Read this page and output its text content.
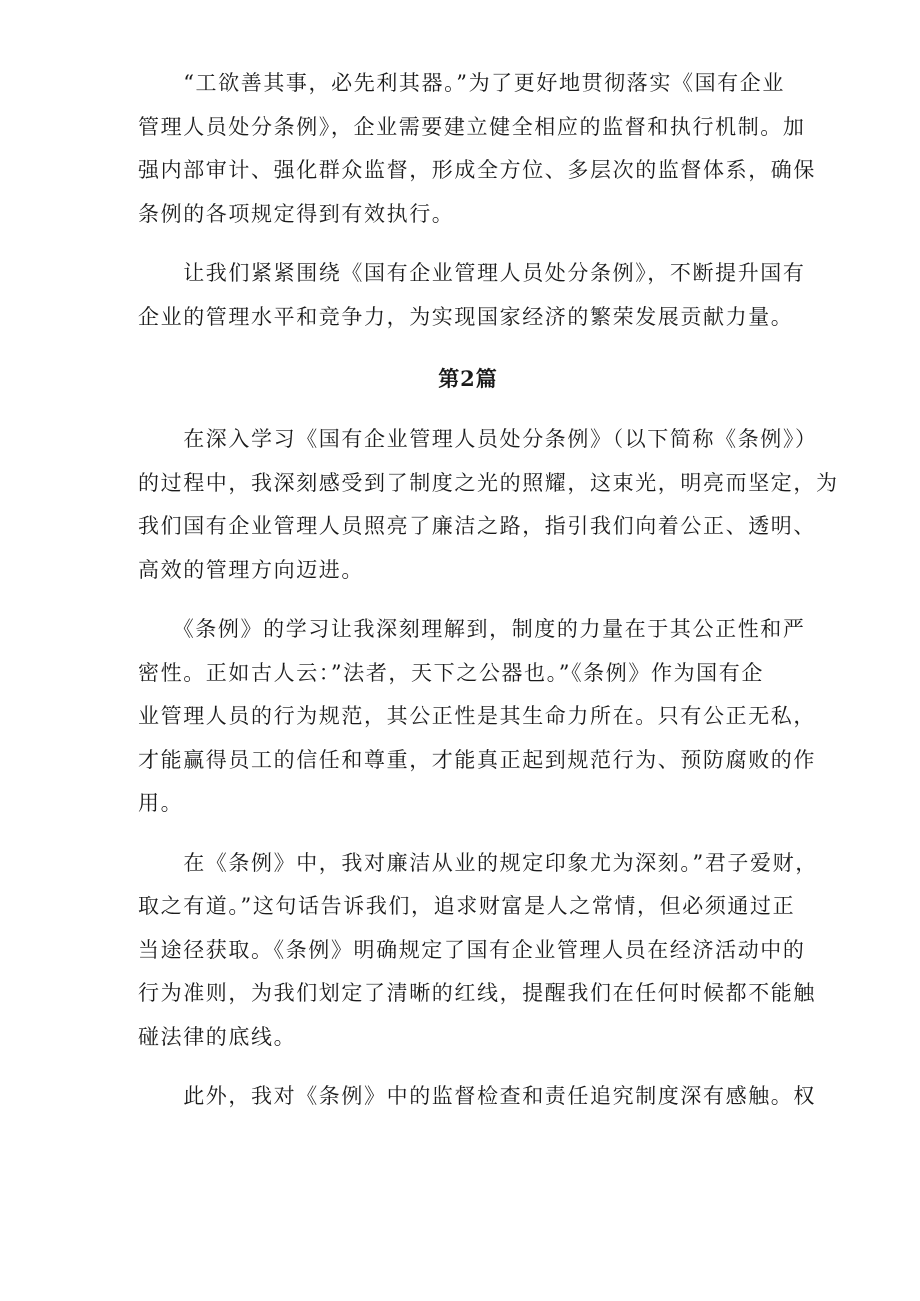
　　“工欲善其事，必先利其器。”为了更好地贯彻落实《国有企业
管理人员处分条例》，企业需要建立健全相应的监督和执行机制。加
强内部审计、强化群众监督，形成全方位、多层次的监督体系，确保
条例的各项规定得到有效执行。
　　让我们紧紧围绕《国有企业管理人员处分条例》，不断提升国有
企业的管理水平和竞争力，为实现国家经济的繁荣发展贡献力量。
第2篇
　　在深入学习《国有企业管理人员处分条例》（以下简称《条例》）
的过程中，我深刻感受到了制度之光的照耀，这束光，明亮而坚定，为
我们国有企业管理人员照亮了廉洁之路，指引我们向着公正、透明、
高效的管理方向迈进。
　　《条例》的学习让我深刻理解到，制度的力量在于其公正性和严
密性。正如古人云：”法者，天下之公器也。”《条例》作为国有企
业管理人员的行为规范，其公正性是其生命力所在。只有公正无私，
才能赢得员工的信任和尊重，才能真正起到规范行为、预防腐败的作
用。
　　在《条例》中，我对廉洁从业的规定印象尤为深刻。”君子爱财，
取之有道。”这句话告诉我们，追求财富是人之常情，但必须通过正
当途径获取。《条例》明确规定了国有企业管理人员在经济活动中的
行为准则，为我们划定了清晰的红线，提醒我们在任何时候都不能触
碰法律的底线。
　　此外，我对《条例》中的监督检查和责任追究制度深有感触。权
